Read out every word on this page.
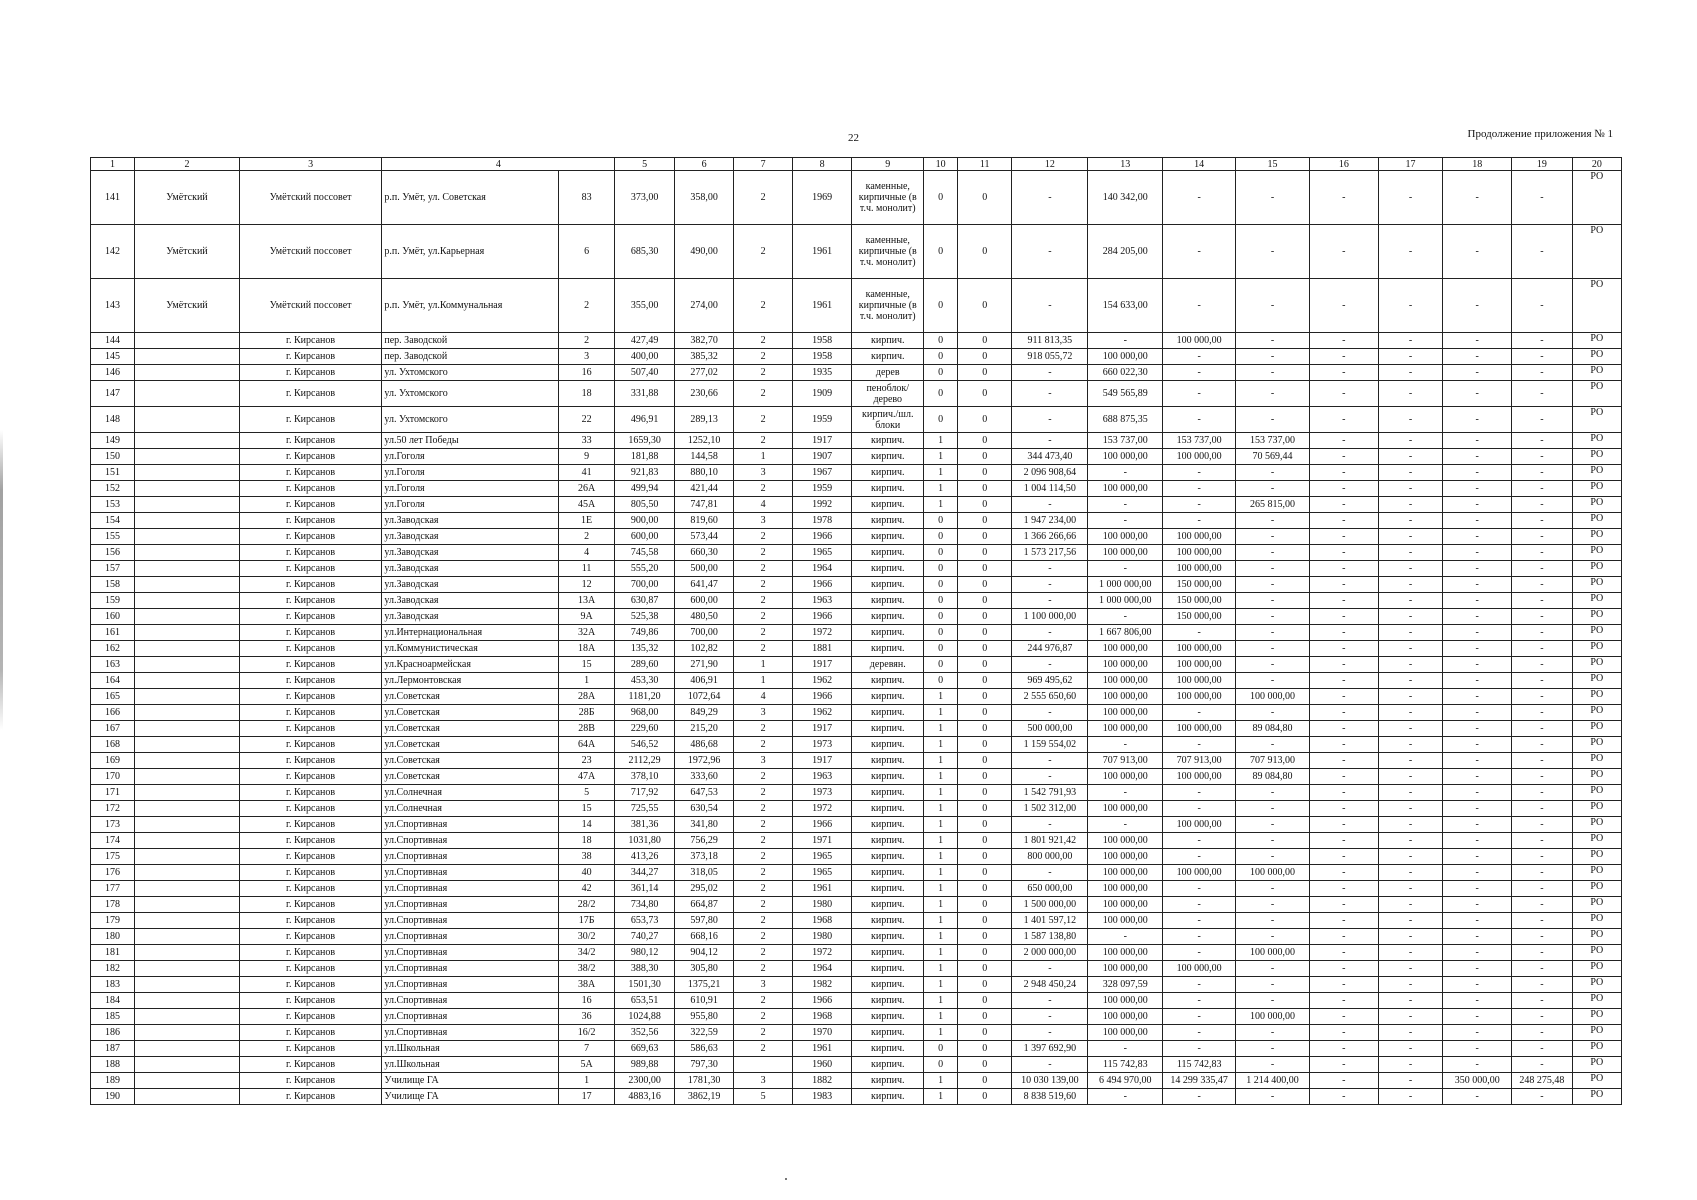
22	Продолжение приложения № 1
1	2	3	4		5	6	7	8	9	10	11	12	13	14	15	16	17	18	19	20
141	Умётский	Умётский поссовет	р.п. Умёт, ул. Советская	83	373,00	358,00	2	1969	каменные, кирпичные (в т.ч. монолит)	0	0	-	140 342,00	-	-	-	-	-	-	РО
142	Умётский	Умётский поссовет	р.п. Умёт, ул.Карьерная	6	685,30	490,00	2	1961	каменные, кирпичные (в т.ч. монолит)	0	0	-	284 205,00	-	-	-	-	-	-	РО
143	Умётский	Умётский поссовет	р.п. Умёт, ул.Коммунальная	2	355,00	274,00	2	1961	каменные, кирпичные (в т.ч. монолит)	0	0	-	154 633,00	-	-	-	-	-	-	РО
144		г. Кирсанов	пер. Заводской	2	427,49	382,70	2	1958	кирпич.	0	0	911 813,35	-	100 000,00	-	-	-	-	-	РО
145		г. Кирсанов	пер. Заводской	3	400,00	385,32	2	1958	кирпич.	0	0	918 055,72	100 000,00	-	-	-	-	-	-	РО
146		г. Кирсанов	ул. Ухтомского	16	507,40	277,02	2	1935	дерев	0	0	-	660 022,30	-	-	-	-	-	-	РО
147		г. Кирсанов	ул. Ухтомского	18	331,88	230,66	2	1909	пеноблок/ дерево	0	0	-	549 565,89	-	-	-	-	-	-	РО
148		г. Кирсанов	ул. Ухтомского	22	496,91	289,13	2	1959	кирпич./шл. блоки	0	0	-	688 875,35	-	-	-	-	-	-	РО
149		г. Кирсанов	ул.50 лет Победы	33	1659,30	1252,10	2	1917	кирпич.	1	0	-	153 737,00	153 737,00	153 737,00	-	-	-	-	РО
150		г. Кирсанов	ул.Гоголя	9	181,88	144,58	1	1907	кирпич.	1	0	344 473,40	100 000,00	100 000,00	70 569,44	-	-	-	-	РО
151		г. Кирсанов	ул.Гоголя	41	921,83	880,10	3	1967	кирпич.	1	0	2 096 908,64	-	-	-	-	-	-	-	РО
152		г. Кирсанов	ул.Гоголя	26А	499,94	421,44	2	1959	кирпич.	1	0	1 004 114,50	100 000,00	-	-	-	-	-	-	РО
153		г. Кирсанов	ул.Гоголя	45А	805,50	747,81	4	1992	кирпич.	1	0	-	-	-	265 815,00	-	-	-	-	РО
154		г. Кирсанов	ул.Заводская	1Е	900,00	819,60	3	1978	кирпич.	0	0	1 947 234,00	-	-	-	-	-	-	-	РО
155		г. Кирсанов	ул.Заводская	2	600,00	573,44	2	1966	кирпич.	0	0	1 366 266,66	100 000,00	100 000,00	-	-	-	-	-	РО
156		г. Кирсанов	ул.Заводская	4	745,58	660,30	2	1965	кирпич.	0	0	1 573 217,56	100 000,00	100 000,00	-	-	-	-	-	РО
157		г. Кирсанов	ул.Заводская	11	555,20	500,00	2	1964	кирпич.	0	0	-	-	100 000,00	-	-	-	-	-	РО
158		г. Кирсанов	ул.Заводская	12	700,00	641,47	2	1966	кирпич.	0	0	-	1 000 000,00	150 000,00	-	-	-	-	-	РО
159		г. Кирсанов	ул.Заводская	13А	630,87	600,00	2	1963	кирпич.	0	0	-	1 000 000,00	150 000,00	-	-	-	-	-	РО
160		г. Кирсанов	ул.Заводская	9А	525,38	480,50	2	1966	кирпич.	0	0	1 100 000,00	-	150 000,00	-	-	-	-	-	РО
161		г. Кирсанов	ул.Интернациональная	32А	749,86	700,00	2	1972	кирпич.	0	0	-	1 667 806,00	-	-	-	-	-	-	РО
162		г. Кирсанов	ул.Коммунистическая	18А	135,32	102,82	2	1881	кирпич.	0	0	244 976,87	100 000,00	100 000,00	-	-	-	-	-	РО
163		г. Кирсанов	ул.Красноармейская	15	289,60	271,90	1	1917	деревян.	0	0	-	100 000,00	100 000,00	-	-	-	-	-	РО
164		г. Кирсанов	ул.Лермонтовская	1	453,30	406,91	1	1962	кирпич.	0	0	969 495,62	100 000,00	100 000,00	-	-	-	-	-	РО
165		г. Кирсанов	ул.Советская	28А	1181,20	1072,64	4	1966	кирпич.	1	0	2 555 650,60	100 000,00	100 000,00	100 000,00	-	-	-	-	РО
166		г. Кирсанов	ул.Советская	28Б	968,00	849,29	3	1962	кирпич.	1	0	-	100 000,00	-	-	-	-	-	-	РО
167		г. Кирсанов	ул.Советская	28В	229,60	215,20	2	1917	кирпич.	1	0	500 000,00	100 000,00	100 000,00	89 084,80	-	-	-	-	РО
168		г. Кирсанов	ул.Советская	64А	546,52	486,68	2	1973	кирпич.	1	0	1 159 554,02	-	-	-	-	-	-	-	РО
169		г. Кирсанов	ул.Советская	23	2112,29	1972,96	3	1917	кирпич.	1	0	-	707 913,00	707 913,00	707 913,00	-	-	-	-	РО
170		г. Кирсанов	ул.Советская	47А	378,10	333,60	2	1963	кирпич.	1	0	-	100 000,00	100 000,00	89 084,80	-	-	-	-	РО
171		г. Кирсанов	ул.Солнечная	5	717,92	647,53	2	1973	кирпич.	1	0	1 542 791,93	-	-	-	-	-	-	-	РО
172		г. Кирсанов	ул.Солнечная	15	725,55	630,54	2	1972	кирпич.	1	0	1 502 312,00	100 000,00	-	-	-	-	-	-	РО
173		г. Кирсанов	ул.Спортивная	14	381,36	341,80	2	1966	кирпич.	1	0	-	-	100 000,00	-	-	-	-	-	РО
174		г. Кирсанов	ул.Спортивная	18	1031,80	756,29	2	1971	кирпич.	1	0	1 801 921,42	100 000,00	-	-	-	-	-	-	РО
175		г. Кирсанов	ул.Спортивная	38	413,26	373,18	2	1965	кирпич.	1	0	800 000,00	100 000,00	-	-	-	-	-	-	РО
176		г. Кирсанов	ул.Спортивная	40	344,27	318,05	2	1965	кирпич.	1	0	-	100 000,00	100 000,00	100 000,00	-	-	-	-	РО
177		г. Кирсанов	ул.Спортивная	42	361,14	295,02	2	1961	кирпич.	1	0	650 000,00	100 000,00	-	-	-	-	-	-	РО
178		г. Кирсанов	ул.Спортивная	28/2	734,80	664,87	2	1980	кирпич.	1	0	1 500 000,00	100 000,00	-	-	-	-	-	-	РО
179		г. Кирсанов	ул.Спортивная	17Б	653,73	597,80	2	1968	кирпич.	1	0	1 401 597,12	100 000,00	-	-	-	-	-	-	РО
180		г. Кирсанов	ул.Спортивная	30/2	740,27	668,16	2	1980	кирпич.	1	0	1 587 138,80	-	-	-	-	-	-	-	РО
181		г. Кирсанов	ул.Спортивная	34/2	980,12	904,12	2	1972	кирпич.	1	0	2 000 000,00	100 000,00	-	100 000,00	-	-	-	-	РО
182		г. Кирсанов	ул.Спортивная	38/2	388,30	305,80	2	1964	кирпич.	1	0	-	100 000,00	100 000,00	-	-	-	-	-	РО
183		г. Кирсанов	ул.Спортивная	38А	1501,30	1375,21	3	1982	кирпич.	1	0	2 948 450,24	328 097,59	-	-	-	-	-	-	РО
184		г. Кирсанов	ул.Спортивная	16	653,51	610,91	2	1966	кирпич.	1	0	-	100 000,00	-	-	-	-	-	-	РО
185		г. Кирсанов	ул.Спортивная	36	1024,88	955,80	2	1968	кирпич.	1	0	-	100 000,00	-	100 000,00	-	-	-	-	РО
186		г. Кирсанов	ул.Спортивная	16/2	352,56	322,59	2	1970	кирпич.	1	0	-	100 000,00	-	-	-	-	-	-	РО
187		г. Кирсанов	ул.Школьная	7	669,63	586,63	2	1961	кирпич.	0	0	1 397 692,90	-	-	-	-	-	-	-	РО
188		г. Кирсанов	ул.Школьная	5А	989,88	797,30		1960	кирпич.	0	0	-	115 742,83	115 742,83	-	-	-	-	-	РО
189		г. Кирсанов	Училище ГА	1	2300,00	1781,30	3	1882	кирпич.	1	0	10 030 139,00	6 494 970,00	14 299 335,47	1 214 400,00	-	-	350 000,00	248 275,48	РО
190		г. Кирсанов	Училище ГА	17	4883,16	3862,19	5	1983	кирпич.	1	0	8 838 519,60	-	-	-	-	-	-	-	РО
